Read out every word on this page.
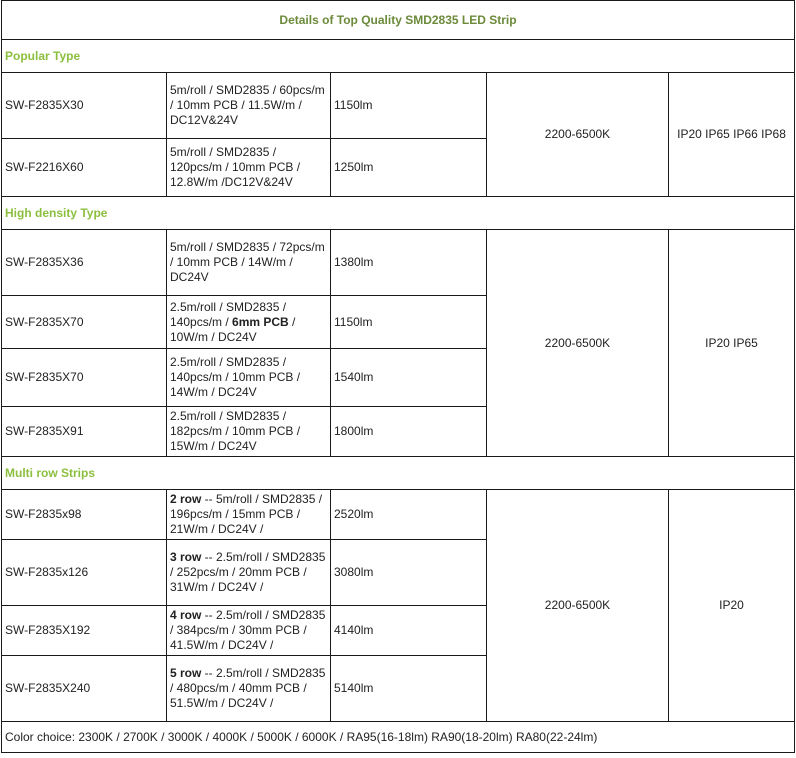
Details of Top Quality SMD2835 LED Strip				
Popular Type				
SW-F2835X30	5m/roll / SMD2835 / 60pcs/m / 10mm PCB / 11.5W/m / DC12V&24V	1150lm	2200-6500K	IP20 IP65 IP66 IP68
SW-F2216X60	5m/roll / SMD2835 / 120pcs/m / 10mm PCB / 12.8W/m /DC12V&24V	1250lm		
High density Type				
SW-F2835X36	5m/roll / SMD2835 / 72pcs/m / 10mm PCB / 14W/m / DC24V	1380lm	2200-6500K	IP20 IP65
SW-F2835X70	2.5m/roll / SMD2835 / 140pcs/m / 6mm PCB / 10W/m / DC24V	1150lm		
SW-F2835X70	2.5m/roll / SMD2835 / 140pcs/m / 10mm PCB / 14W/m / DC24V	1540lm		
SW-F2835X91	2.5m/roll / SMD2835 / 182pcs/m / 10mm PCB / 15W/m / DC24V	1800lm		
Multi row Strips				
SW-F2835x98	2 row -- 5m/roll / SMD2835 / 196pcs/m / 15mm PCB / 21W/m / DC24V /	2520lm	2200-6500K	IP20
SW-F2835x126	3 row -- 2.5m/roll / SMD2835 / 252pcs/m / 20mm PCB / 31W/m / DC24V /	3080lm		
SW-F2835X192	4 row -- 2.5m/roll / SMD2835 / 384pcs/m / 30mm PCB / 41.5W/m / DC24V /	4140lm		
SW-F2835X240	5 row -- 2.5m/roll / SMD2835 / 480pcs/m / 40mm PCB / 51.5W/m / DC24V /	5140lm		
Color choice: 2300K / 2700K / 3000K / 4000K / 5000K / 6000K / RA95(16-18lm) RA90(18-20lm) RA80(22-24lm)				
